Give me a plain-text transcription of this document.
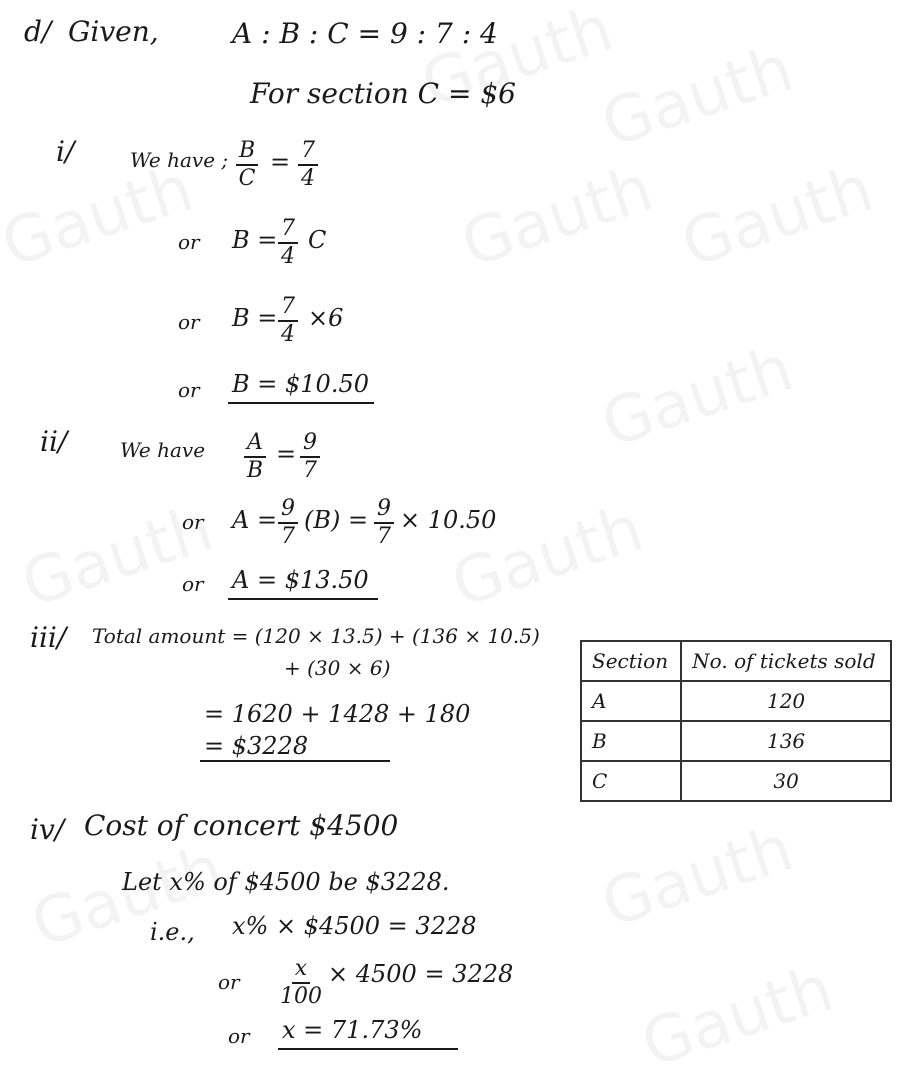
d/ Given,	A : B : C = 9 : 7 : 4
For section C = $6
i/	We have ; $\frac{B}{C} = \frac{7}{4}$
or $B = \frac{7}{4}$ C
or $B = \frac{7}{4} \times 6$
or B = $10.50
ii/	We have $\frac{A}{B} = \frac{9}{7}$
or $A = \frac{9}{7} (B) = \frac{9}{7} \times 10.50$
or A = $13.50
iii/ Total amount = (120 × 13.5) + (136 × 10.5)
+ (30 × 6)
= 1620 + 1428 + 180
= $3228
Section	No. of tickets sold
A	120
B	136
C	30
iv/ Cost of concert $4500
Let x% of $4500 be $3228.
i.e., x% × $4500 = 3228
or $\frac{x}{100} \times 4500 = 3228$
or x = 71.73%
